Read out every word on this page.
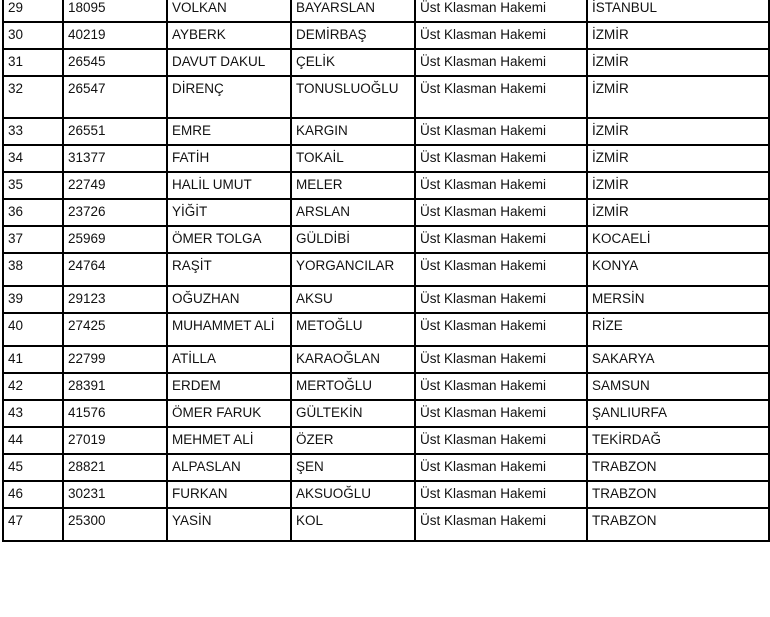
29	18095	VOLKAN	BAYARSLAN	Üst Klasman Hakemi	İSTANBUL
30	40219	AYBERK	DEMİRBAŞ	Üst Klasman Hakemi	İZMİR
31	26545	DAVUT DAKUL	ÇELİK	Üst Klasman Hakemi	İZMİR
32	26547	DİRENÇ	TONUSLUOĞLU	Üst Klasman Hakemi	İZMİR
33	26551	EMRE	KARGIN	Üst Klasman Hakemi	İZMİR
34	31377	FATİH	TOKAİL	Üst Klasman Hakemi	İZMİR
35	22749	HALİL UMUT	MELER	Üst Klasman Hakemi	İZMİR
36	23726	YİĞİT	ARSLAN	Üst Klasman Hakemi	İZMİR
37	25969	ÖMER TOLGA	GÜLDİBİ	Üst Klasman Hakemi	KOCAELİ
38	24764	RAŞİT	YORGANCILAR	Üst Klasman Hakemi	KONYA
39	29123	OĞUZHAN	AKSU	Üst Klasman Hakemi	MERSİN
40	27425	MUHAMMET ALİ	METOĞLU	Üst Klasman Hakemi	RİZE
41	22799	ATİLLA	KARAOĞLAN	Üst Klasman Hakemi	SAKARYA
42	28391	ERDEM	MERTOĞLU	Üst Klasman Hakemi	SAMSUN
43	41576	ÖMER FARUK	GÜLTEKİN	Üst Klasman Hakemi	ŞANLIURFA
44	27019	MEHMET ALİ	ÖZER	Üst Klasman Hakemi	TEKİRDAĞ
45	28821	ALPASLAN	ŞEN	Üst Klasman Hakemi	TRABZON
46	30231	FURKAN	AKSUOĞLU	Üst Klasman Hakemi	TRABZON
47	25300	YASİN	KOL	Üst Klasman Hakemi	TRABZON
